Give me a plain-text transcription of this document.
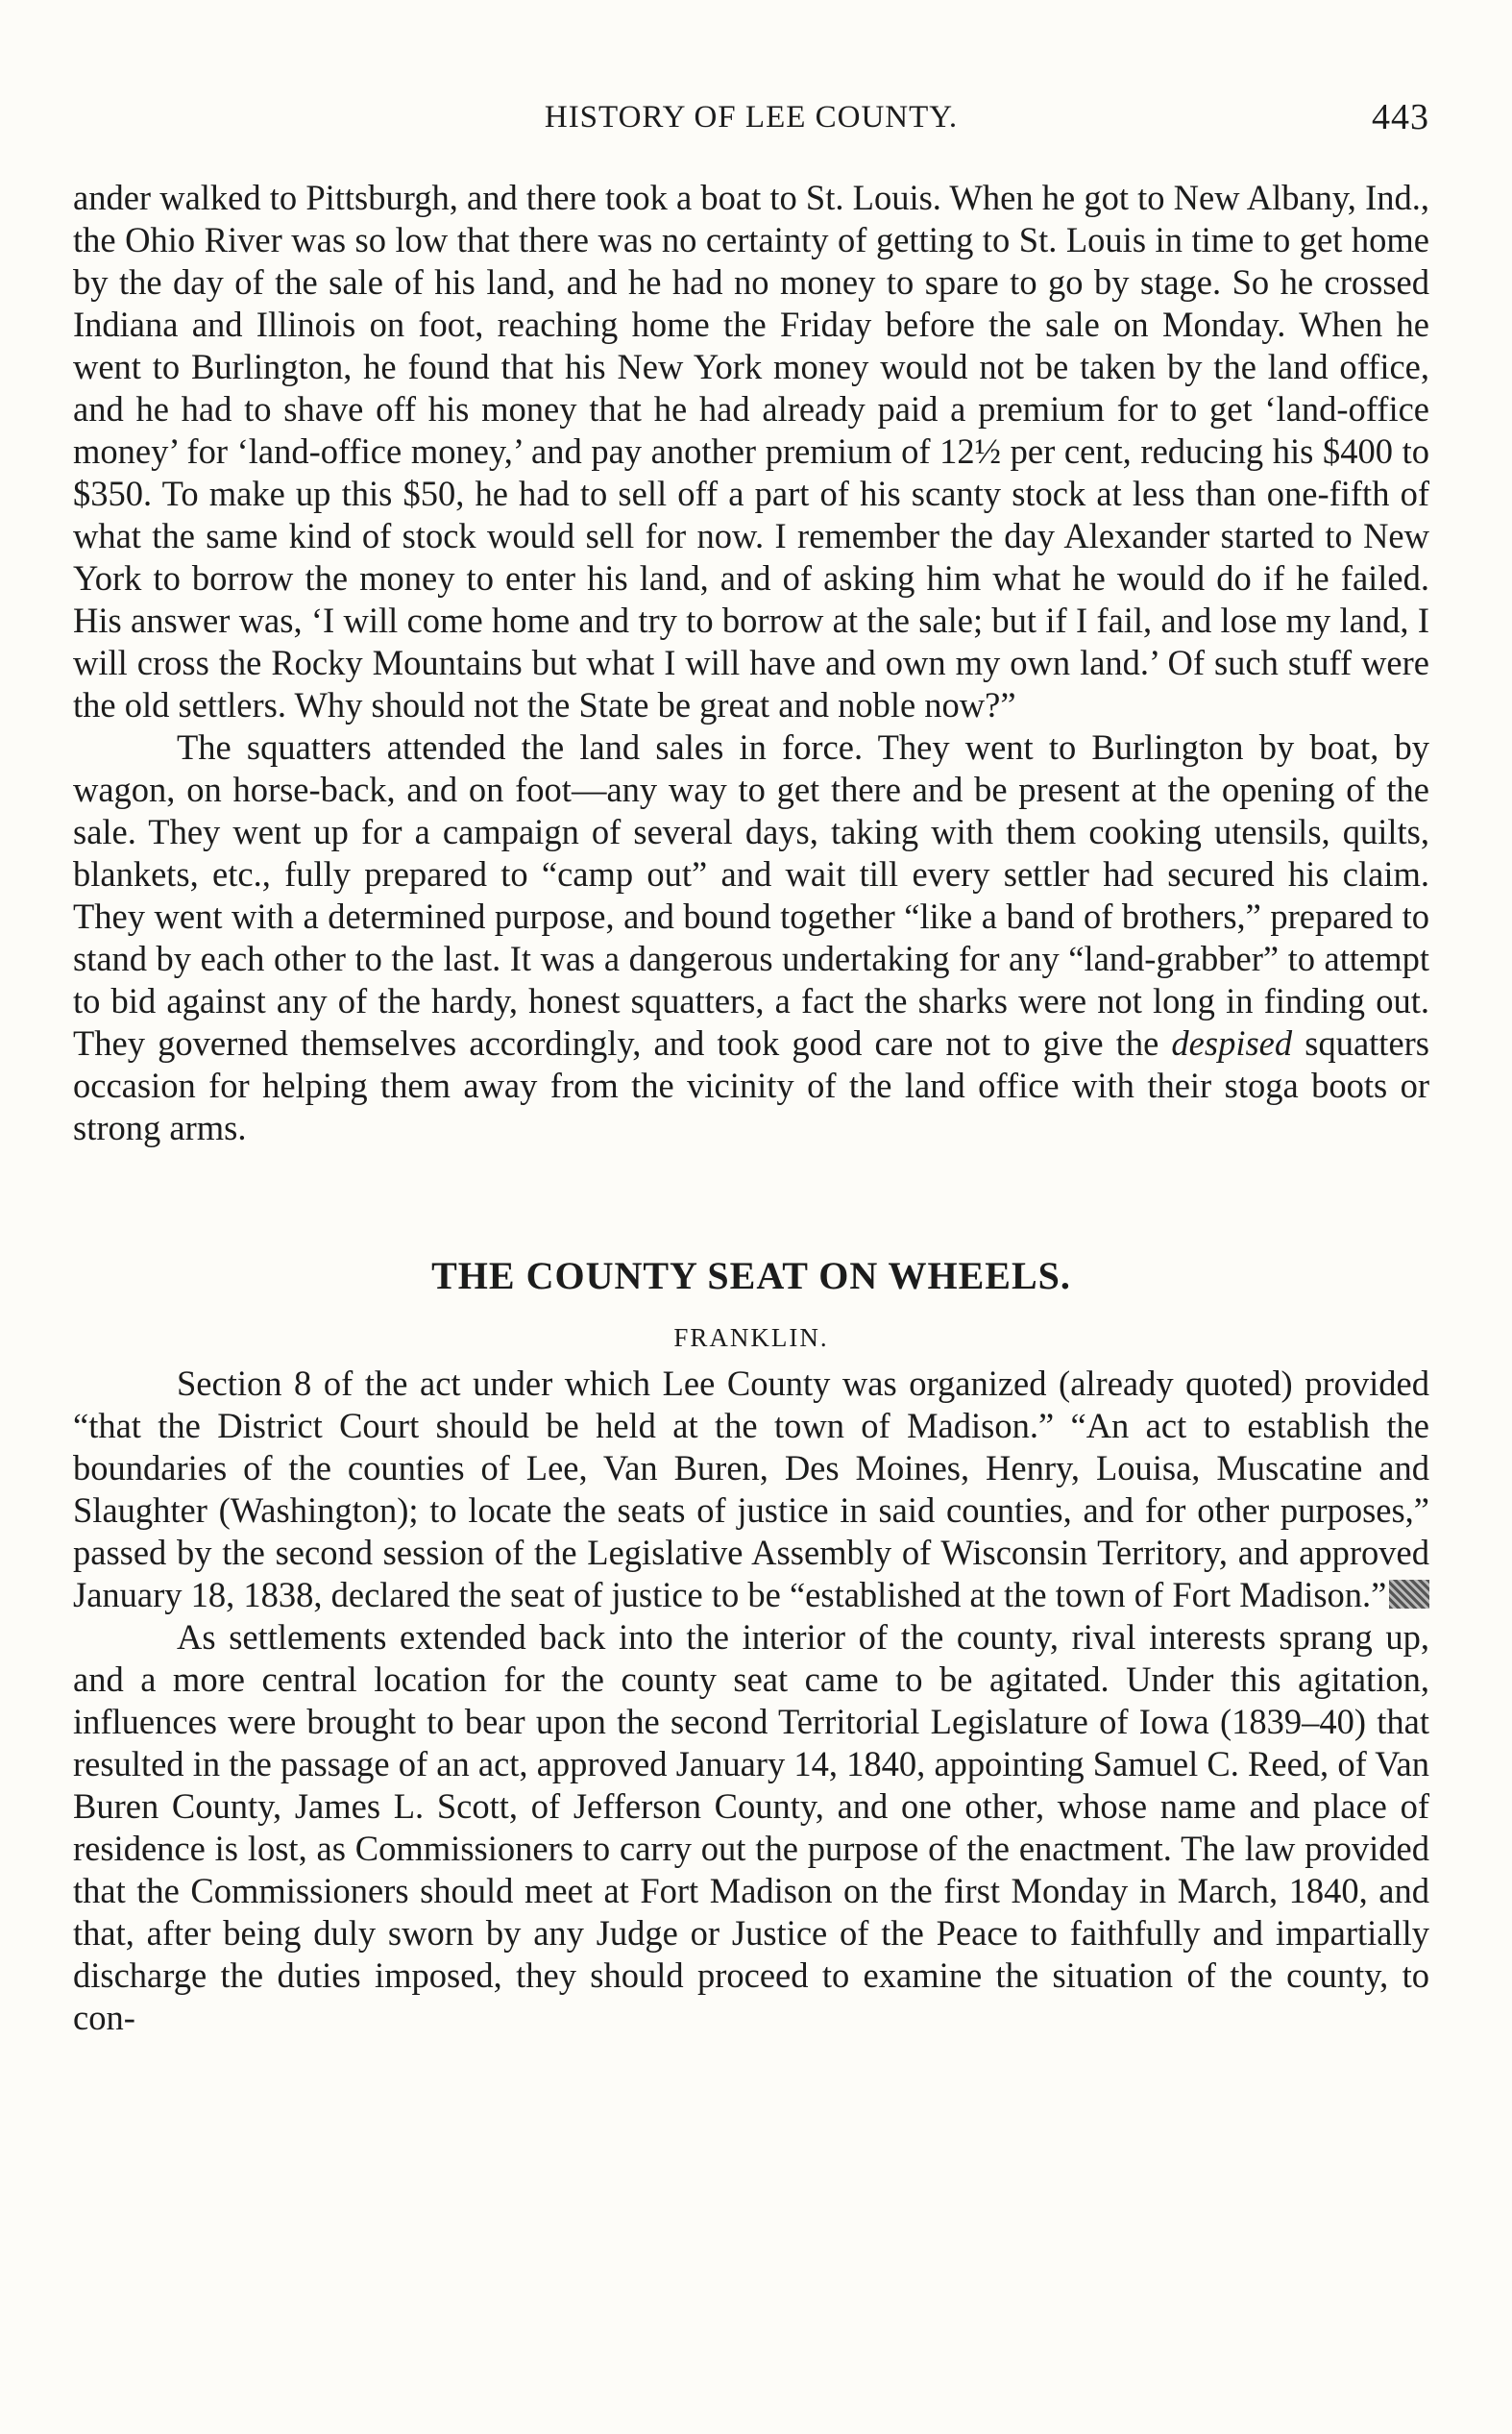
HISTORY OF LEE COUNTY.	443

ander walked to Pittsburgh, and there took a boat to St. Louis. When he got to New Albany, Ind., the Ohio River was so low that there was no certainty of getting to St. Louis in time to get home by the day of the sale of his land, and he had no money to spare to go by stage. So he crossed Indiana and Illinois on foot, reaching home the Friday before the sale on Monday. When he went to Burlington, he found that his New York money would not be taken by the land office, and he had to shave off his money that he had already paid a premium for to get ‘land-office money’ for ‘land-office money,’ and pay another premium of 12½ per cent, reducing his $400 to $350. To make up this $50, he had to sell off a part of his scanty stock at less than one-fifth of what the same kind of stock would sell for now. I remember the day Alexander started to New York to borrow the money to enter his land, and of asking him what he would do if he failed. His answer was, ‘I will come home and try to borrow at the sale; but if I fail, and lose my land, I will cross the Rocky Mountains but what I will have and own my own land.’ Of such stuff were the old settlers. Why should not the State be great and noble now?”

The squatters attended the land sales in force. They went to Burlington by boat, by wagon, on horse-back, and on foot—any way to get there and be present at the opening of the sale. They went up for a campaign of several days, taking with them cooking utensils, quilts, blankets, etc., fully prepared to “camp out” and wait till every settler had secured his claim. They went with a determined purpose, and bound together “like a band of brothers,” prepared to stand by each other to the last. It was a dangerous undertaking for any “land-grabber” to attempt to bid against any of the hardy, honest squatters, a fact the sharks were not long in finding out. They governed themselves accordingly, and took good care not to give the despised squatters occasion for helping them away from the vicinity of the land office with their stoga boots or strong arms.

THE COUNTY SEAT ON WHEELS.
FRANKLIN.

Section 8 of the act under which Lee County was organized (already quoted) provided “that the District Court should be held at the town of Madison.” “An act to establish the boundaries of the counties of Lee, Van Buren, Des Moines, Henry, Louisa, Muscatine and Slaughter (Washington); to locate the seats of justice in said counties, and for other purposes,” passed by the second session of the Legislative Assembly of Wisconsin Territory, and approved January 18, 1838, declared the seat of justice to be “established at the town of Fort Madison.”

As settlements extended back into the interior of the county, rival interests sprang up, and a more central location for the county seat came to be agitated. Under this agitation, influences were brought to bear upon the second Territorial Legislature of Iowa (1839–40) that resulted in the passage of an act, approved January 14, 1840, appointing Samuel C. Reed, of Van Buren County, James L. Scott, of Jefferson County, and one other, whose name and place of residence is lost, as Commissioners to carry out the purpose of the enactment. The law provided that the Commissioners should meet at Fort Madison on the first Monday in March, 1840, and that, after being duly sworn by any Judge or Justice of the Peace to faithfully and impartially discharge the duties imposed, they should proceed to examine the situation of the county, to con-
